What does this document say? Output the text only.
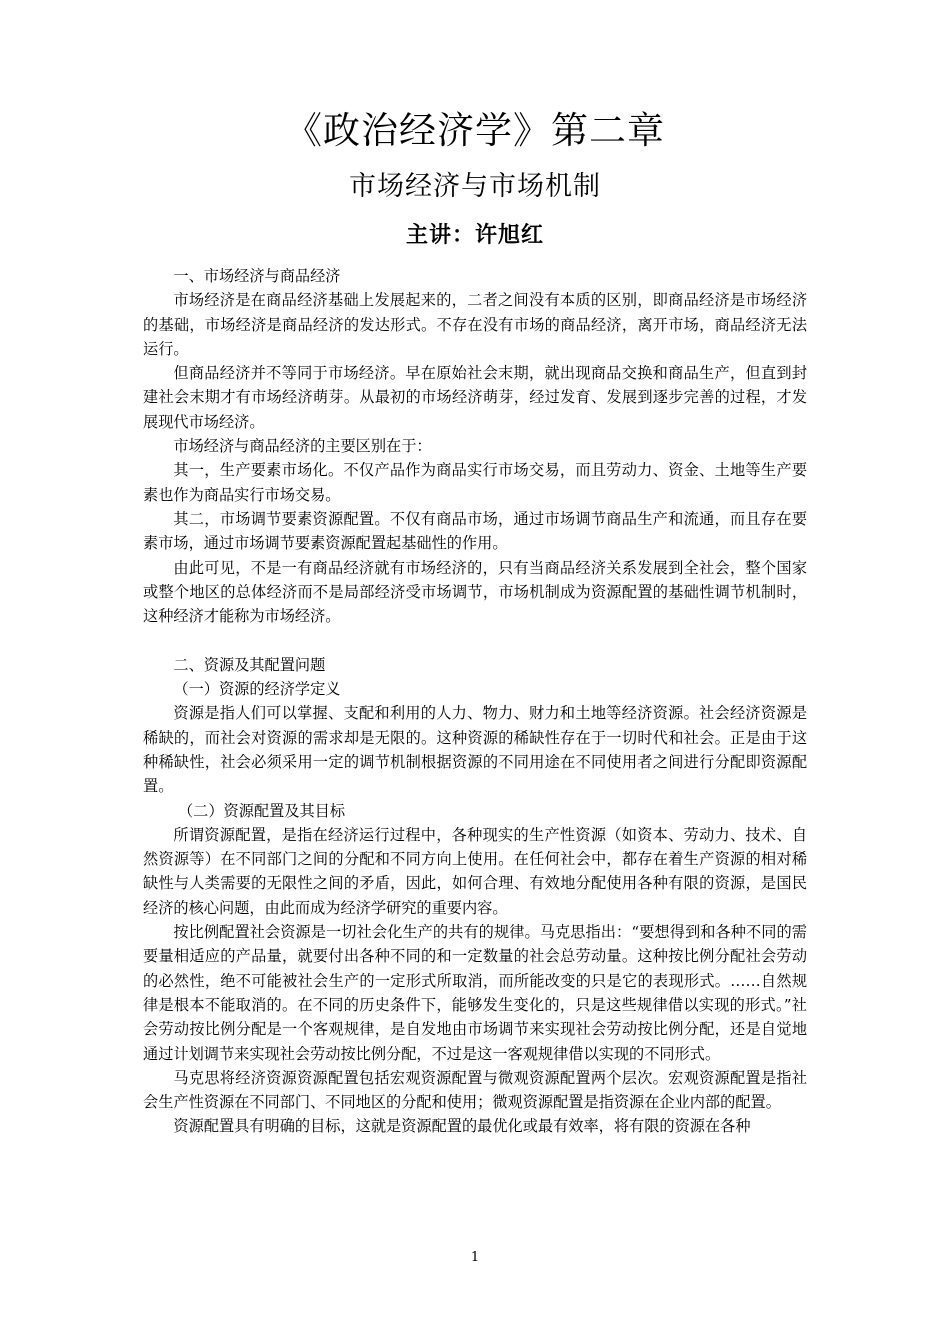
《政治经济学》第二章
市场经济与市场机制
主讲：许旭红

一、市场经济与商品经济

市场经济是在商品经济基础上发展起来的，二者之间没有本质的区别，即商品经济是市场经济的基础，市场经济是商品经济的发达形式。不存在没有市场的商品经济，离开市场，商品经济无法运行。

但商品经济并不等同于市场经济。早在原始社会末期，就出现商品交换和商品生产，但直到封建社会末期才有市场经济萌芽。从最初的市场经济萌芽，经过发育、发展到逐步完善的过程，才发展现代市场经济。

市场经济与商品经济的主要区别在于：

其一，生产要素市场化。不仅产品作为商品实行市场交易，而且劳动力、资金、土地等生产要素也作为商品实行市场交易。

其二，市场调节要素资源配置。不仅有商品市场，通过市场调节商品生产和流通，而且存在要素市场，通过市场调节要素资源配置起基础性的作用。

由此可见，不是一有商品经济就有市场经济的，只有当商品经济关系发展到全社会，整个国家或整个地区的总体经济而不是局部经济受市场调节，市场机制成为资源配置的基础性调节机制时，这种经济才能称为市场经济。

二、资源及其配置问题

（一）资源的经济学定义

资源是指人们可以掌握、支配和利用的人力、物力、财力和土地等经济资源。社会经济资源是稀缺的，而社会对资源的需求却是无限的。这种资源的稀缺性存在于一切时代和社会。正是由于这种稀缺性，社会必须采用一定的调节机制根据资源的不同用途在不同使用者之间进行分配即资源配置。

（二）资源配置及其目标

所谓资源配置，是指在经济运行过程中，各种现实的生产性资源（如资本、劳动力、技术、自然资源等）在不同部门之间的分配和不同方向上使用。在任何社会中，都存在着生产资源的相对稀缺性与人类需要的无限性之间的矛盾，因此，如何合理、有效地分配使用各种有限的资源，是国民经济的核心问题，由此而成为经济学研究的重要内容。

按比例配置社会资源是一切社会化生产的共有的规律。马克思指出：“要想得到和各种不同的需要量相适应的产品量，就要付出各种不同的和一定数量的社会总劳动量。这种按比例分配社会劳动的必然性，绝不可能被社会生产的一定形式所取消，而所能改变的只是它的表现形式。……自然规律是根本不能取消的。在不同的历史条件下，能够发生变化的，只是这些规律借以实现的形式。”社会劳动按比例分配是一个客观规律，是自发地由市场调节来实现社会劳动按比例分配，还是自觉地通过计划调节来实现社会劳动按比例分配，不过是这一客观规律借以实现的不同形式。

马克思将经济资源资源配置包括宏观资源配置与微观资源配置两个层次。宏观资源配置是指社会生产性资源在不同部门、不同地区的分配和使用；微观资源配置是指资源在企业内部的配置。

资源配置具有明确的目标，这就是资源配置的最优化或最有效率，将有限的资源在各种

1
